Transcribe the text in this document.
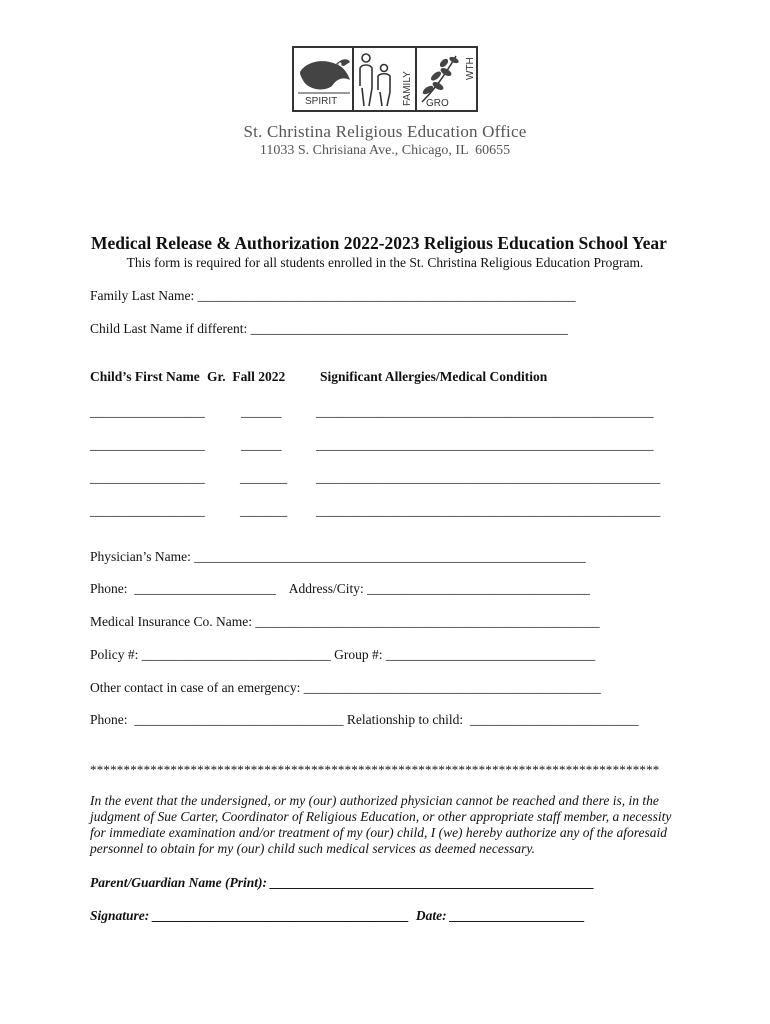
SPIRIT	FAMILY GRO
WTH
St. Christina Religious Education Office
11033 S. Chrisiana Ave., Chicago, IL  60655
Medical Release & Authorization 2022-2023 Religious Education School Year
This form is required for all students enrolled in the St. Christina Religious Education Program.
Family Last Name: ________________________________________________________
Child Last Name if different: _______________________________________________
Child’s First Name Gr.  Fall 2022	Significant Allergies/Medical Condition
_________________	______	__________________________________________________
_________________	______	__________________________________________________
_________________	_______ ___________________________________________________
_________________	_______ ___________________________________________________
Physician’s Name: __________________________________________________________
Phone:  _____________________    Address/City: _________________________________
Medical Insurance Co. Name: ___________________________________________________
Policy #: ____________________________ Group #: _______________________________
Other contact in case of an emergency: ____________________________________________
Phone:  _______________________________ Relationship to child:  _________________________
*************************************************************************************
In the event that the undersigned, or my (our) authorized physician cannot be reached and there is, in the judgment of Sue Carter, Coordinator of Religious Education, or other appropriate staff member, a necessity for immediate examination and/or treatment of my (our) child, I (we) hereby authorize any of the aforesaid personnel to obtain for my (our) child such medical services as deemed necessary.
Parent/Guardian Name (Print): ________________________________________________
Signature: ______________________________________  Date: ____________________
